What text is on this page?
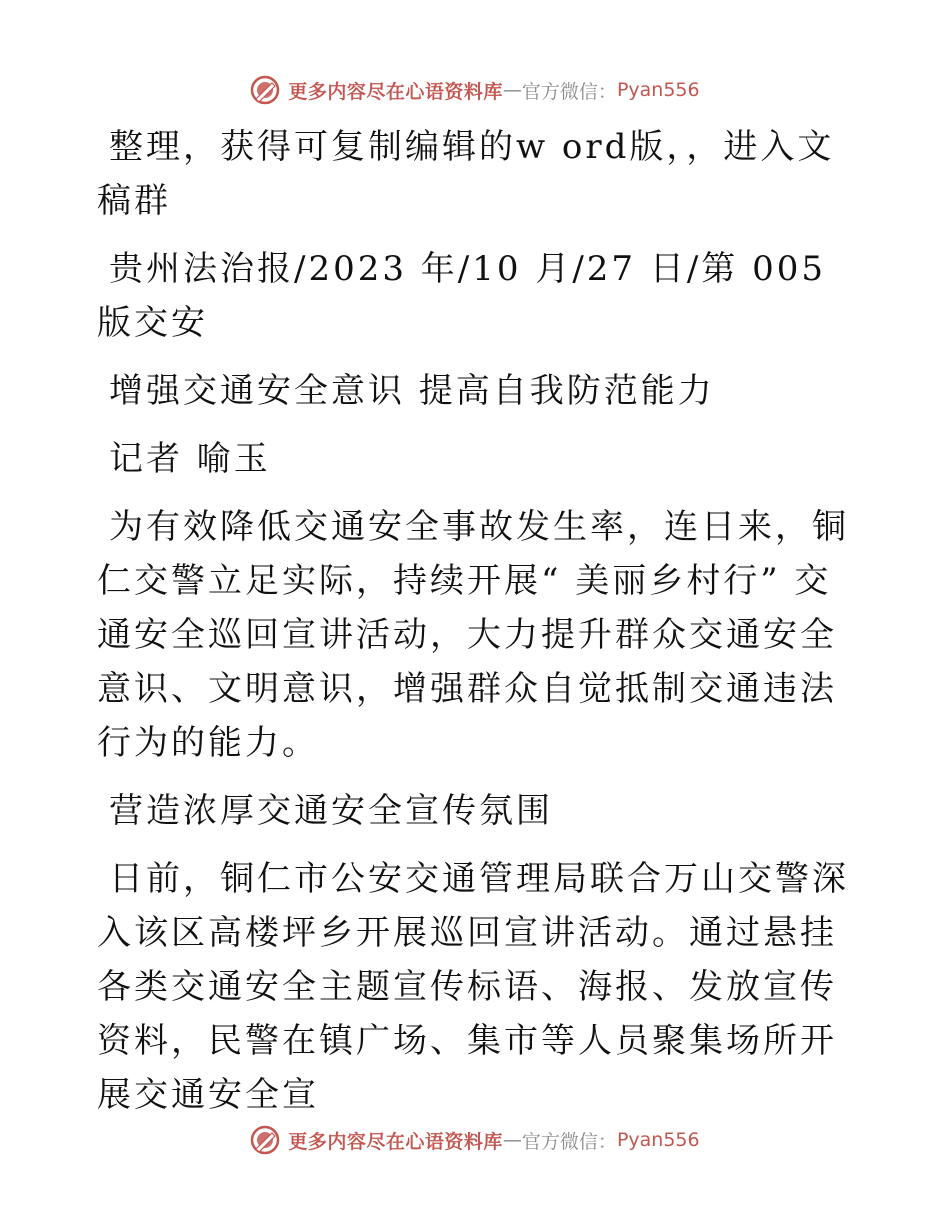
更多内容尽在心语资料库 — 官方微信： Pyan556

整理，获得可复制编辑的w ord版，，进入文稿群

贵州法治报/2023 年/10 月/27 日/第 005 版交安

增强交通安全意识 提高自我防范能力

记者 喻玉

为有效降低交通安全事故发生率，连日来，铜仁交警立足实际，持续开展“ 美丽乡村行” 交通安全巡回宣讲活动，大力提升群众交通安全意识、文明意识，增强群众自觉抵制交通违法行为的能力。

营造浓厚交通安全宣传氛围

日前，铜仁市公安交通管理局联合万山交警深入该区高楼坪乡开展巡回宣讲活动。通过悬挂各类交通安全主题宣传标语、海报、发放宣传资料，民警在镇广场、集市等人员聚集场所开展交通安全宣

更多内容尽在心语资料库 — 官方微信： Pyan556
